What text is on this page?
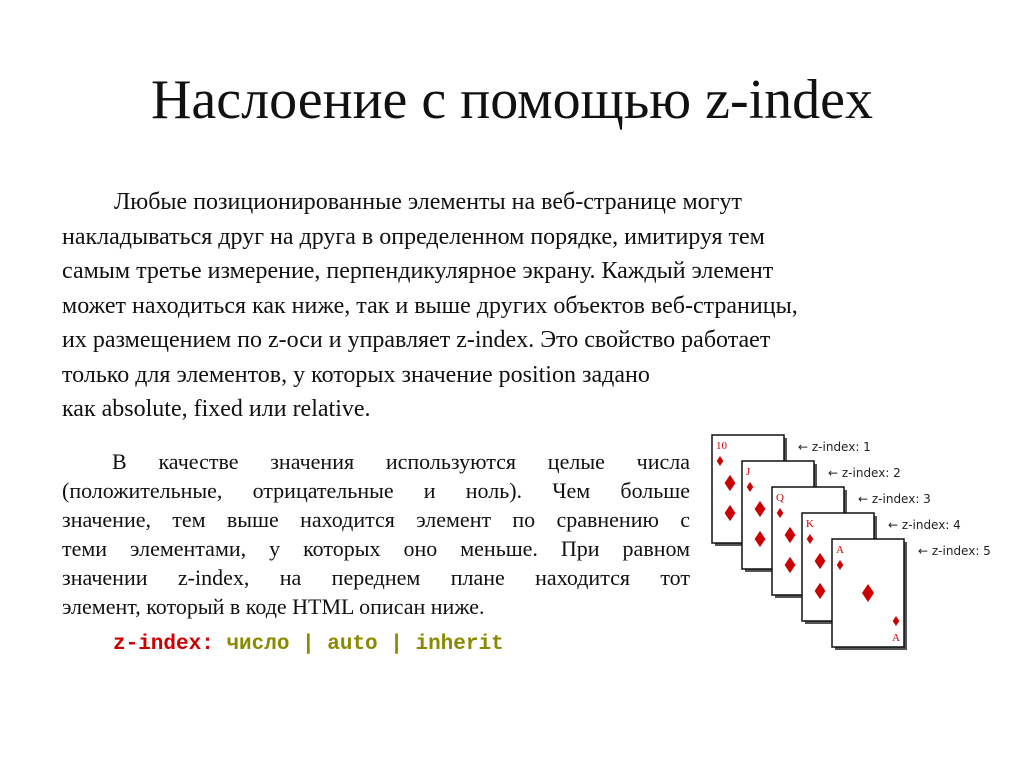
Наслоение с помощью z-index
Любые позиционированные элементы на веб-странице могут
накладываться друг на друга в определенном порядке, имитируя тем
самым третье измерение, перпендикулярное экрану. Каждый элемент
может находиться как ниже, так и выше других объектов веб-страницы,
их размещением по z-оси и управляет z-index. Это свойство работает
только для элементов, у которых значение position задано
как absolute, fixed или relative.
В качестве значения используются целые числа
(положительные, отрицательные и ноль). Чем больше
значение, тем выше находится элемент по сравнению с
теми элементами, у которых оно меньше. При равном
значении z-index, на переднем плане находится тот
элемент, который в коде HTML описан ниже.
z-index: число | auto | inherit
10
J
Q
K
A
A
← z-index: 1
← z-index: 2
← z-index: 3
← z-index: 4
← z-index: 5
